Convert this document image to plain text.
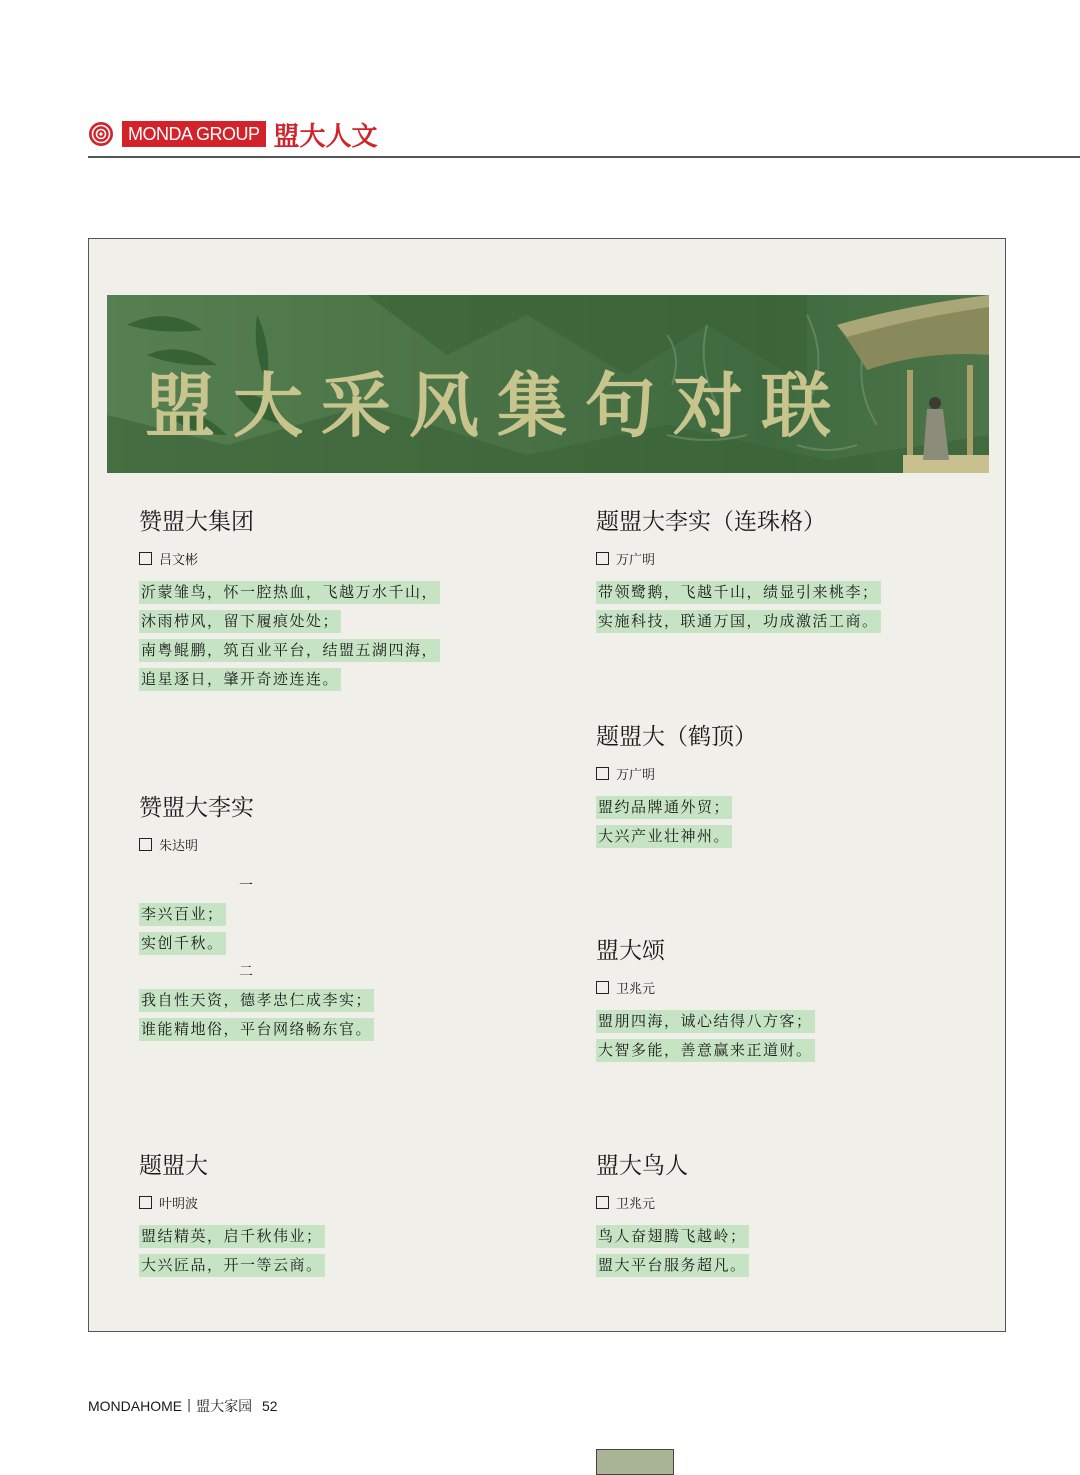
MONDA GROUP 盟大人文
盟大采风集句对联
赞盟大集团
吕文彬
沂蒙雏鸟，怀一腔热血，飞越万水千山，
沐雨栉风，留下履痕处处；
南粤鲲鹏，筑百业平台，结盟五湖四海，
追星逐日，肇开奇迹连连。
赞盟大李实
朱达明
一
李兴百业；
实创千秋。
二
我自性天资，德孝忠仁成李实；
谁能精地俗，平台网络畅东官。
题盟大
叶明波
盟结精英，启千秋伟业；
大兴匠品，开一等云商。
题盟大李实（连珠格）
万广明
带领鹭鹅，飞越千山，绩显引来桃李；
实施科技，联通万国，功成激活工商。
题盟大（鹤顶）
万广明
盟约品牌通外贸；
大兴产业壮神州。
盟大颂
卫兆元
盟朋四海，诚心结得八方客；
大智多能，善意赢来正道财。
盟大鸟人
卫兆元
鸟人奋翅腾飞越岭；
盟大平台服务超凡。
MONDAHOME丨盟大家园 52
